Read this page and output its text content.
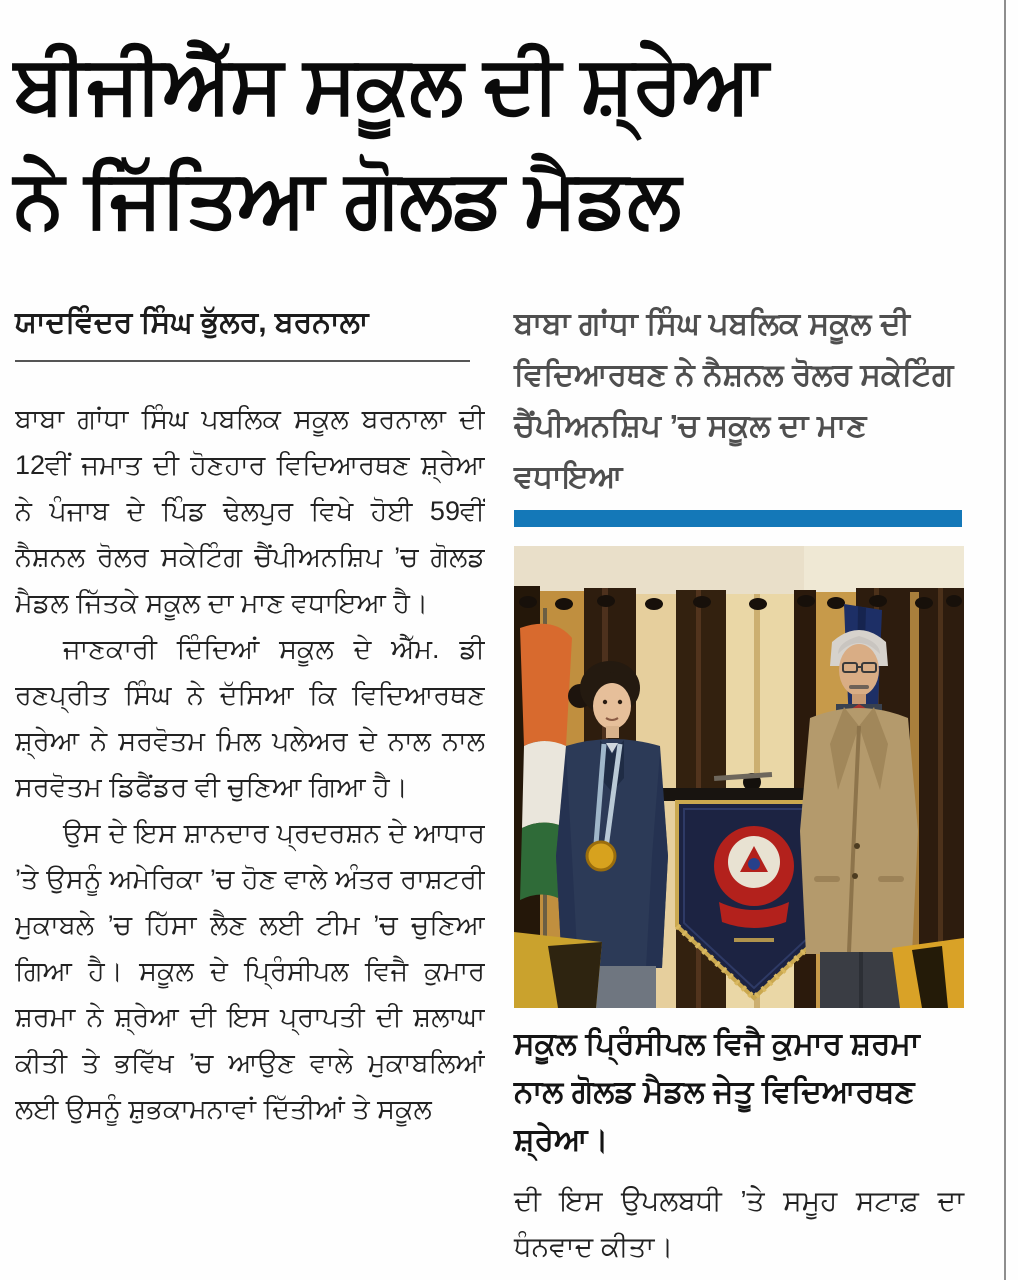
ਬੀਜੀਐੱਸ ਸਕੂਲ ਦੀ ਸ਼੍ਰੇਆ
ਨੇ ਜਿੱਤਿਆ ਗੋਲਡ ਮੈਡਲ
ਯਾਦਵਿੰਦਰ ਸਿੰਘ ਭੁੱਲਰ, ਬਰਨਾਲਾ

ਬਾਬਾ ਗਾਂਧਾ ਸਿੰਘ ਪਬਲਿਕ ਸਕੂਲ ਬਰਨਾਲਾ ਦੀ 12ਵੀਂ ਜਮਾਤ ਦੀ ਹੋਣਹਾਰ ਵਿਦਿਆਰਥਣ ਸ਼੍ਰੇਆ ਨੇ ਪੰਜਾਬ ਦੇ ਪਿੰਡ ਢੇਲਪੁਰ ਵਿਖੇ ਹੋਈ 59ਵੀਂ ਨੈਸ਼ਨਲ ਰੋਲਰ ਸਕੇਟਿੰਗ ਚੈਂਪੀਅਨਸ਼ਿਪ ’ਚ ਗੋਲਡ ਮੈਡਲ ਜਿੱਤਕੇ ਸਕੂਲ ਦਾ ਮਾਣ ਵਧਾਇਆ ਹੈ।

ਜਾਣਕਾਰੀ ਦਿੰਦਿਆਂ ਸਕੂਲ ਦੇ ਐੱਮ. ਡੀ ਰਣਪ੍ਰੀਤ ਸਿੰਘ ਨੇ ਦੱਸਿਆ ਕਿ ਵਿਦਿਆਰਥਣ ਸ਼੍ਰੇਆ ਨੇ ਸਰਵੋਤਮ ਮਿਲ ਪਲੇਅਰ ਦੇ ਨਾਲ ਨਾਲ ਸਰਵੋਤਮ ਡਿਫੈਂਡਰ ਵੀ ਚੁਣਿਆ ਗਿਆ ਹੈ।

ਉਸ ਦੇ ਇਸ ਸ਼ਾਨਦਾਰ ਪ੍ਰਦਰਸ਼ਨ ਦੇ ਆਧਾਰ ’ਤੇ ਉਸਨੂੰ ਅਮੇਰਿਕਾ ’ਚ ਹੋਣ ਵਾਲੇ ਅੰਤਰ ਰਾਸ਼ਟਰੀ ਮੁਕਾਬਲੇ ’ਚ ਹਿੱਸਾ ਲੈਣ ਲਈ ਟੀਮ ’ਚ ਚੁਣਿਆ ਗਿਆ ਹੈ। ਸਕੂਲ ਦੇ ਪ੍ਰਿੰਸੀਪਲ ਵਿਜੈ ਕੁਮਾਰ ਸ਼ਰਮਾ ਨੇ ਸ਼੍ਰੇਆ ਦੀ ਇਸ ਪ੍ਰਾਪਤੀ ਦੀ ਸ਼ਲਾਘਾ ਕੀਤੀ ਤੇ ਭਵਿੱਖ ’ਚ ਆਉਣ ਵਾਲੇ ਮੁਕਾਬਲਿਆਂ ਲਈ ਉਸਨੂੰ ਸ਼ੁਭਕਾਮਨਾਵਾਂ ਦਿੱਤੀਆਂ ਤੇ ਸਕੂਲ

ਬਾਬਾ ਗਾਂਧਾ ਸਿੰਘ ਪਬਲਿਕ ਸਕੂਲ ਦੀ ਵਿਦਿਆਰਥਣ ਨੇ ਨੈਸ਼ਨਲ ਰੋਲਰ ਸਕੇਟਿੰਗ ਚੈਂਪੀਅਨਸ਼ਿਪ ’ਚ ਸਕੂਲ ਦਾ ਮਾਣ ਵਧਾਇਆ
ਸਕੂਲ ਪ੍ਰਿੰਸੀਪਲ ਵਿਜੈ ਕੁਮਾਰ ਸ਼ਰਮਾ ਨਾਲ ਗੋਲਡ ਮੈਡਲ ਜੇਤੂ ਵਿਦਿਆਰਥਣ ਸ਼੍ਰੇਆ।
ਦੀ ਇਸ ਉਪਲਬਧੀ ’ਤੇ ਸਮੂਹ ਸਟਾਫ਼ ਦਾ ਧੰਨਵਾਦ ਕੀਤਾ।
